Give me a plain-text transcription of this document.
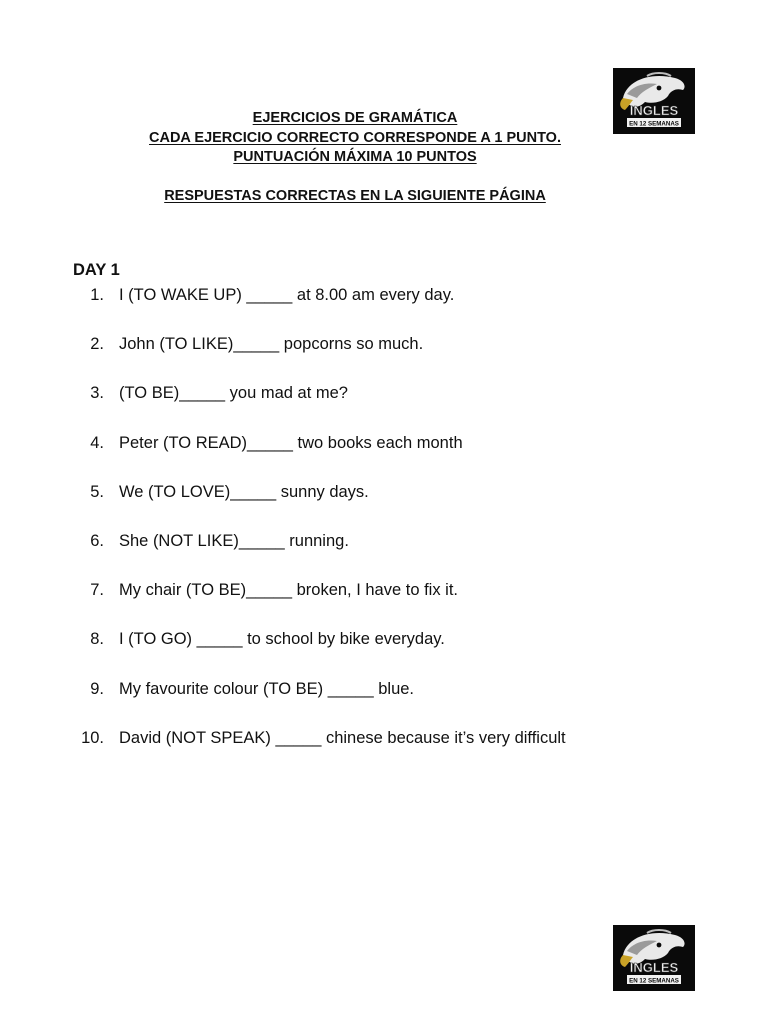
INGLES
EN 12 SEMANAS
EJERCICIOS DE GRAMÁTICA
CADA EJERCICIO CORRECTO CORRESPONDE A 1 PUNTO.
PUNTUACIÓN MÁXIMA 10 PUNTOS
RESPUESTAS CORRECTAS EN LA SIGUIENTE PÁGINA
DAY 1
1. I (TO WAKE UP) _____ at 8.00 am every day.
2. John (TO LIKE)_____ popcorns so much.
3. (TO BE)_____ you mad at me?
4. Peter (TO READ)_____ two books each month
5. We (TO LOVE)_____ sunny days.
6. She (NOT LIKE)_____ running.
7. My chair (TO BE)_____ broken, I have to fix it.
8. I (TO GO) _____ to school by bike everyday.
9. My favourite colour (TO BE) _____ blue.
10. David (NOT SPEAK) _____ chinese because it’s very difficult
INGLES
EN 12 SEMANAS
